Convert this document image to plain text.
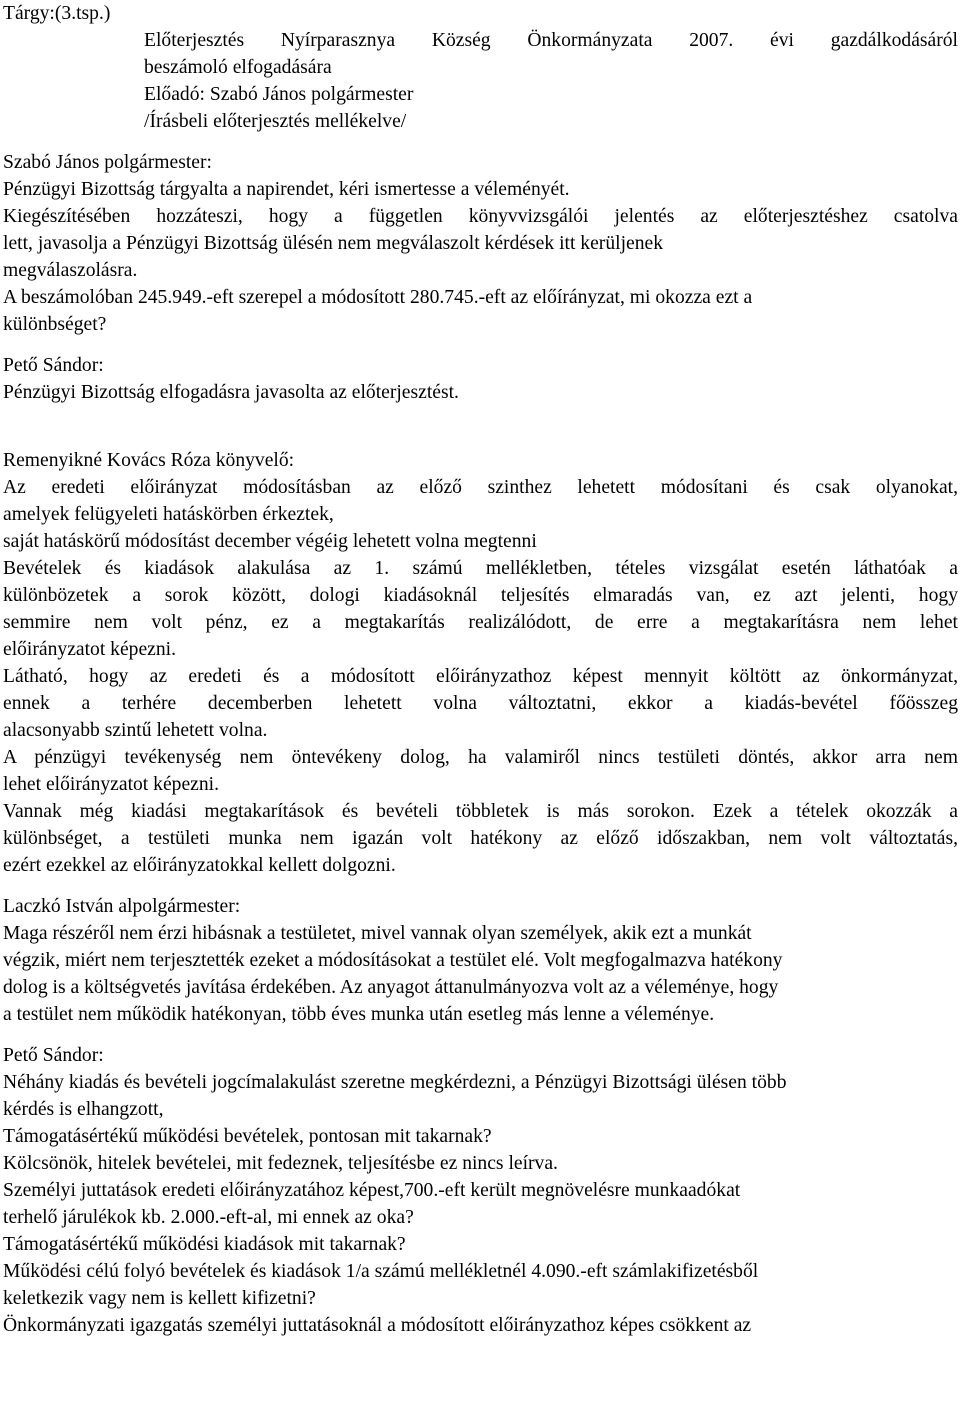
Tárgy:(3.tsp.)
Előterjesztés Nyírparasznya Község Önkormányzata 2007. évi gazdálkodásáról
beszámoló elfogadására
Előadó: Szabó János polgármester
/Írásbeli előterjesztés mellékelve/
Szabó János polgármester:
Pénzügyi Bizottság tárgyalta a napirendet, kéri ismertesse a véleményét.
Kiegészítésében hozzáteszi, hogy a független könyvvizsgálói jelentés az előterjesztéshez csatolva
lett, javasolja a Pénzügyi Bizottság ülésén nem megválaszolt kérdések itt kerüljenek
megválaszolásra.
A beszámolóban 245.949.-eft szerepel a módosított 280.745.-eft az előírányzat, mi okozza ezt a
különbséget?
Pető Sándor:
Pénzügyi Bizottság elfogadásra javasolta az előterjesztést.
Remenyikné Kovács Róza könyvelő:
Az eredeti előirányzat módosításban az előző szinthez lehetett módosítani és csak olyanokat,
amelyek felügyeleti hatáskörben érkeztek,
saját hatáskörű módosítást december végéig lehetett volna megtenni
Bevételek és kiadások alakulása az 1. számú mellékletben, tételes vizsgálat esetén láthatóak a
különbözetek a sorok között, dologi kiadásoknál teljesítés elmaradás van, ez azt jelenti, hogy
semmire nem volt pénz, ez a megtakarítás realizálódott, de erre a megtakarításra nem lehet
előirányzatot képezni.
Látható, hogy az eredeti és a módosított előirányzathoz képest mennyit költött az önkormányzat,
ennek a terhére decemberben lehetett volna változtatni, ekkor a kiadás-bevétel főösszeg
alacsonyabb szintű lehetett volna.
A pénzügyi tevékenység nem öntevékeny dolog, ha valamiről nincs testületi döntés, akkor arra nem
lehet előirányzatot képezni.
Vannak még kiadási megtakarítások és bevételi többletek is más sorokon. Ezek a tételek okozzák a
különbséget, a testületi munka nem igazán volt hatékony az előző időszakban, nem volt változtatás,
ezért ezekkel az előirányzatokkal kellett dolgozni.
Laczkó István alpolgármester:
Maga részéről nem érzi hibásnak a testületet, mivel vannak olyan személyek, akik ezt a munkát
végzik, miért nem terjesztették ezeket a módosításokat a testület elé. Volt megfogalmazva hatékony
dolog is a költségvetés javítása érdekében. Az anyagot áttanulmányozva volt az a véleménye, hogy
a testület nem működik hatékonyan, több éves munka után esetleg más lenne a véleménye.
Pető Sándor:
Néhány kiadás és bevételi jogcímalakulást szeretne megkérdezni, a Pénzügyi Bizottsági ülésen több
kérdés is elhangzott,
Támogatásértékű működési bevételek, pontosan mit takarnak?
Kölcsönök, hitelek bevételei, mit fedeznek, teljesítésbe ez nincs leírva.
Személyi juttatások eredeti előirányzatához képest,700.-eft került megnövelésre munkaadókat
terhelő járulékok kb. 2.000.-eft-al, mi ennek az oka?
Támogatásértékű működési kiadások mit takarnak?
Működési célú folyó bevételek és kiadások 1/a számú mellékletnél 4.090.-eft számlakifizetésből
keletkezik vagy nem is kellett kifizetni?
Önkormányzati igazgatás személyi juttatásoknál a módosított előirányzathoz képes csökkent az
